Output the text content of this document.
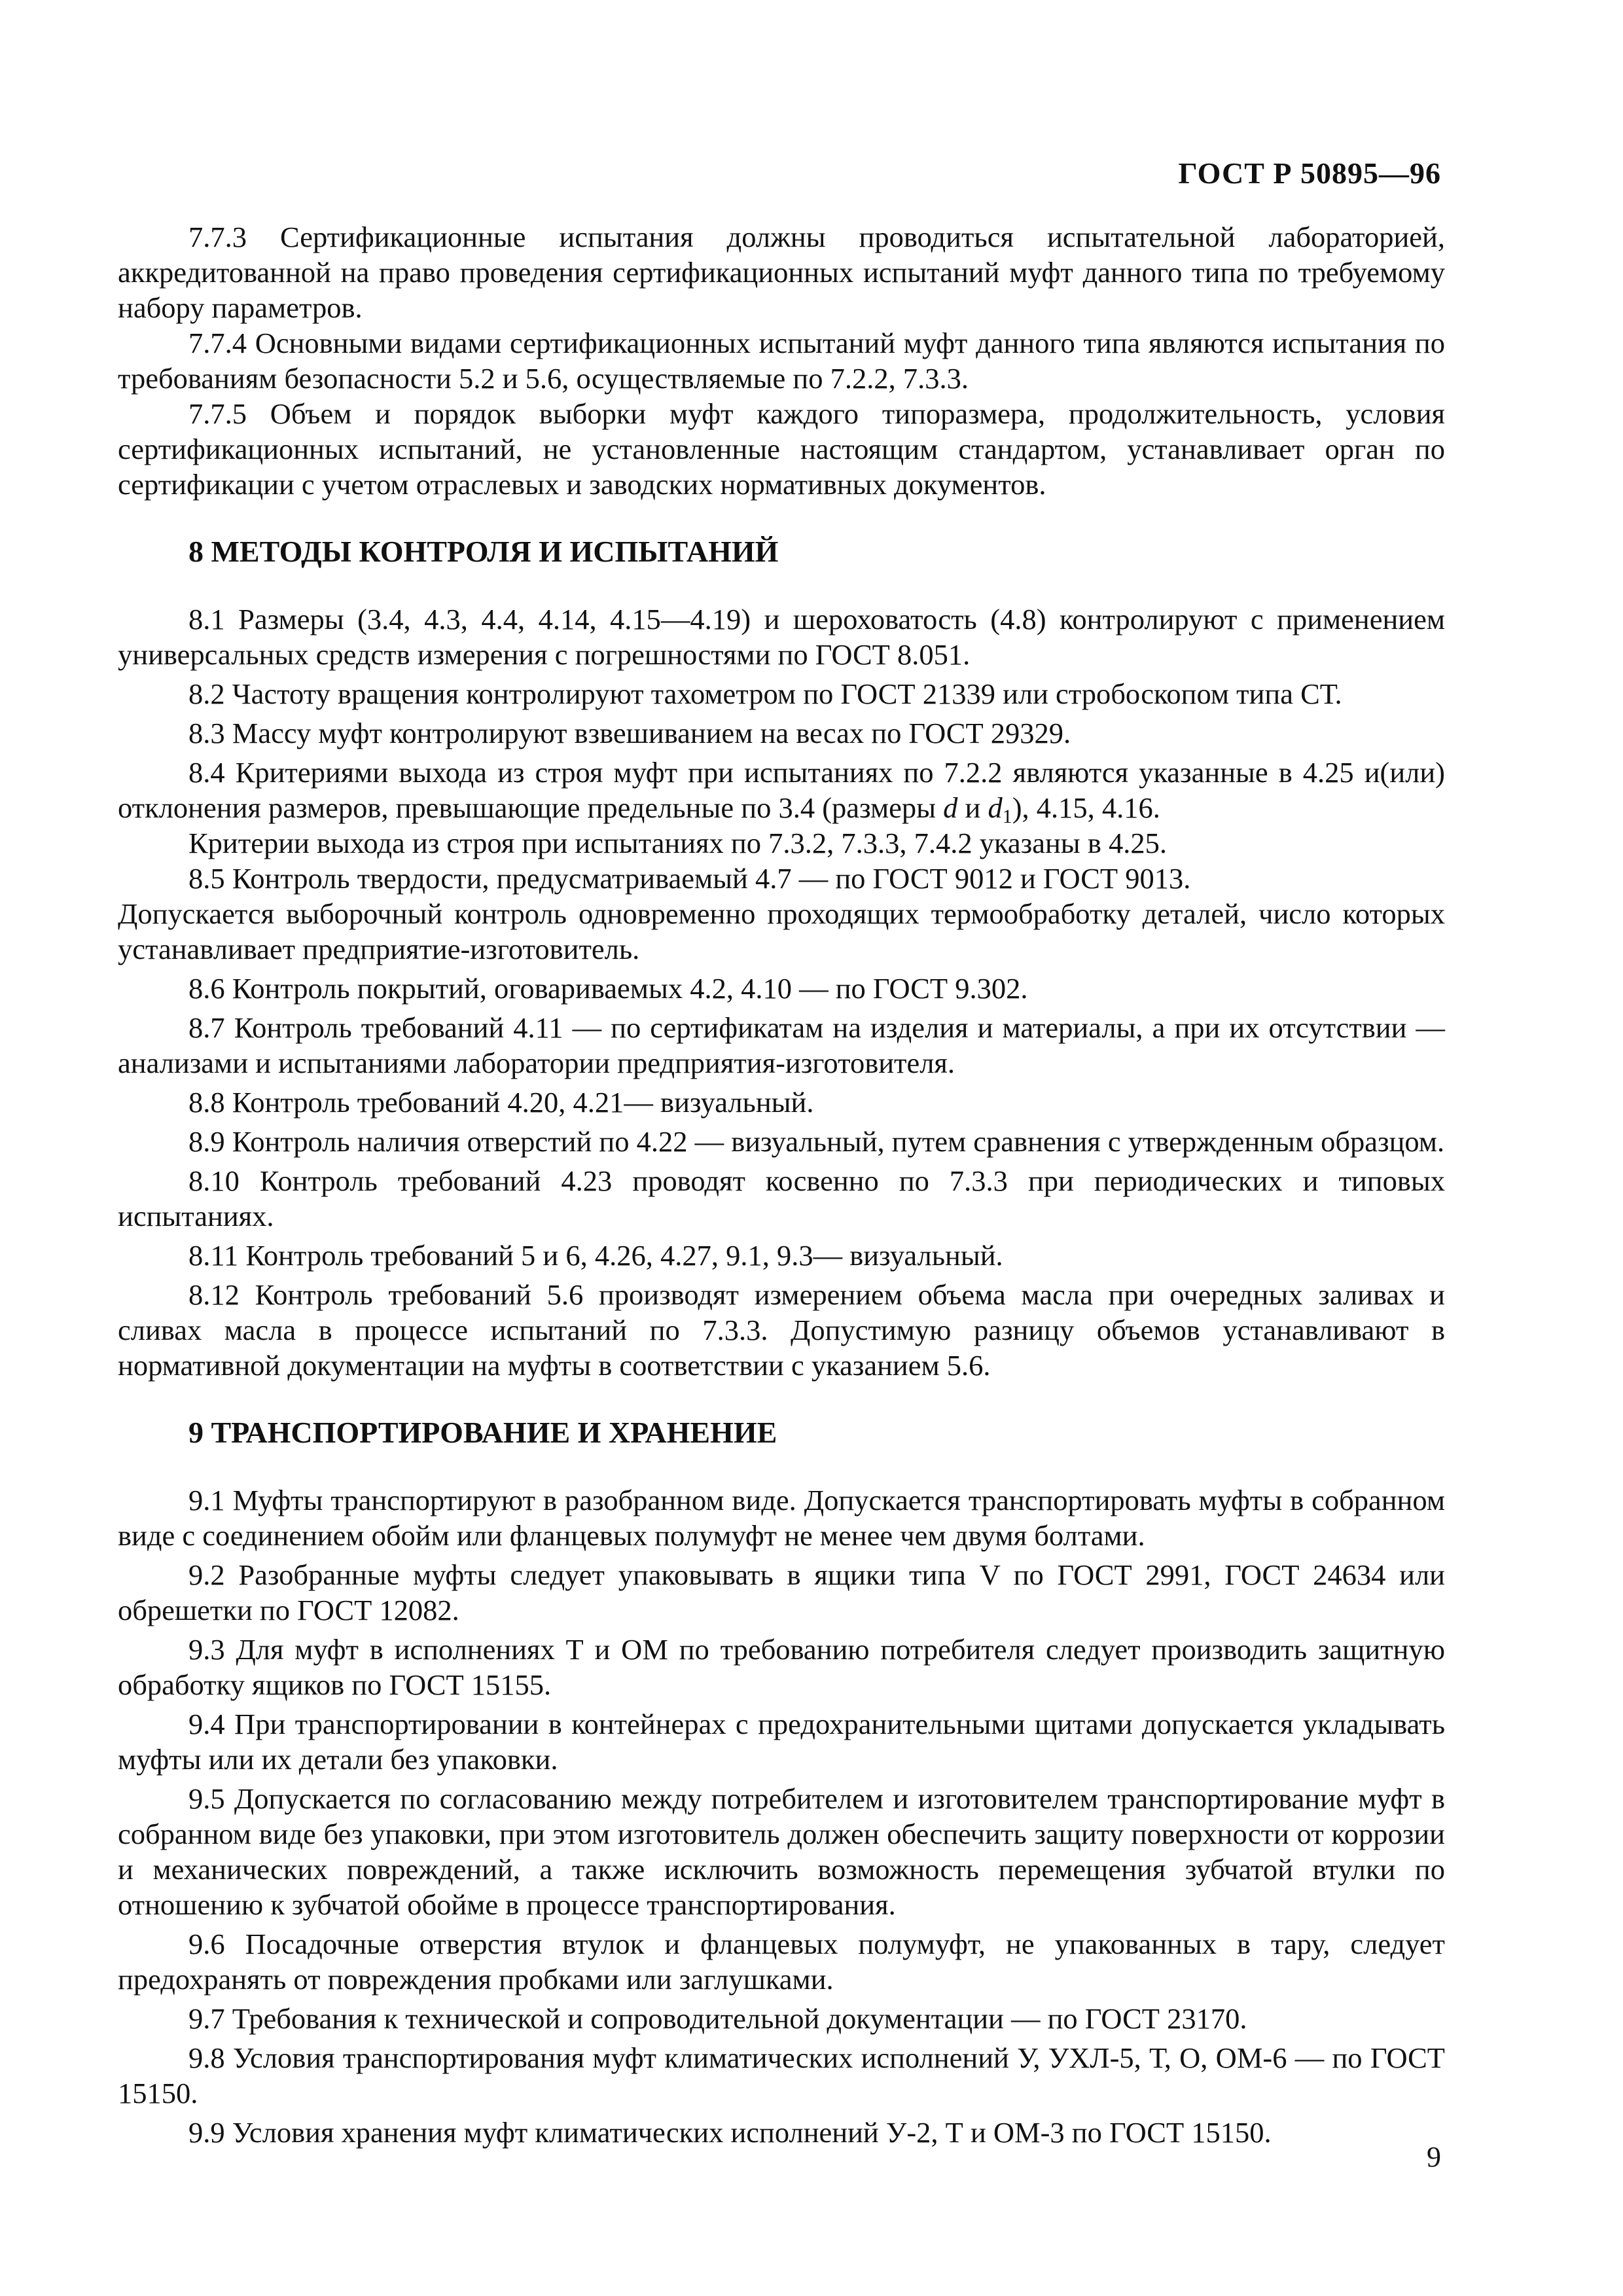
ГОСТ Р 50895—96

7.7.3 Сертификационные испытания должны проводиться испытательной лабораторией, аккредитованной на право проведения сертификационных испытаний муфт данного типа по требуемому набору параметров.

7.7.4 Основными видами сертификационных испытаний муфт данного типа являются испытания по требованиям безопасности 5.2 и 5.6, осуществляемые по 7.2.2, 7.3.3.

7.7.5 Объем и порядок выборки муфт каждого типоразмера, продолжительность, условия сертификационных испытаний, не установленные настоящим стандартом, устанавливает орган по сертификации с учетом отраслевых и заводских нормативных документов.

8 МЕТОДЫ КОНТРОЛЯ И ИСПЫТАНИЙ

8.1 Размеры (3.4, 4.3, 4.4, 4.14, 4.15—4.19) и шероховатость (4.8) контролируют с применением универсальных средств измерения с погрешностями по ГОСТ 8.051.

8.2 Частоту вращения контролируют тахометром по ГОСТ 21339 или стробоскопом типа СТ.

8.3 Массу муфт контролируют взвешиванием на весах по ГОСТ 29329.

8.4 Критериями выхода из строя муфт при испытаниях по 7.2.2 являются указанные в 4.25 и(или) отклонения размеров, превышающие предельные по 3.4 (размеры d и $d_1$), 4.15, 4.16.

Критерии выхода из строя при испытаниях по 7.3.2, 7.3.3, 7.4.2 указаны в 4.25.

8.5 Контроль твердости, предусматриваемый 4.7 — по ГОСТ 9012 и ГОСТ 9013.

Допускается выборочный контроль одновременно проходящих термообработку деталей, число которых устанавливает предприятие-изготовитель.

8.6 Контроль покрытий, оговариваемых 4.2, 4.10 — по ГОСТ 9.302.

8.7 Контроль требований 4.11 — по сертификатам на изделия и материалы, а при их отсутствии — анализами и испытаниями лаборатории предприятия-изготовителя.

8.8 Контроль требований 4.20, 4.21— визуальный.

8.9 Контроль наличия отверстий по 4.22 — визуальный, путем сравнения с утвержденным образцом.

8.10 Контроль требований 4.23 проводят косвенно по 7.3.3 при периодических и типовых испытаниях.

8.11 Контроль требований 5 и 6, 4.26, 4.27, 9.1, 9.3— визуальный.

8.12 Контроль требований 5.6 производят измерением объема масла при очередных заливах и сливах масла в процессе испытаний по 7.3.3. Допустимую разницу объемов устанавливают в нормативной документации на муфты в соответствии с указанием 5.6.

9 ТРАНСПОРТИРОВАНИЕ И ХРАНЕНИЕ

9.1 Муфты транспортируют в разобранном виде. Допускается транспортировать муфты в собранном виде с соединением обойм или фланцевых полумуфт не менее чем двумя болтами.

9.2 Разобранные муфты следует упаковывать в ящики типа V по ГОСТ 2991, ГОСТ 24634 или обрешетки по ГОСТ 12082.

9.3 Для муфт в исполнениях Т и ОМ по требованию потребителя следует производить защитную обработку ящиков по ГОСТ 15155.

9.4 При транспортировании в контейнерах с предохранительными щитами допускается укладывать муфты или их детали без упаковки.

9.5 Допускается по согласованию между потребителем и изготовителем транспортирование муфт в собранном виде без упаковки, при этом изготовитель должен обеспечить защиту поверхности от коррозии и механических повреждений, а также исключить возможность перемещения зубчатой втулки по отношению к зубчатой обойме в процессе транспортирования.

9.6 Посадочные отверстия втулок и фланцевых полумуфт, не упакованных в тару, следует предохранять от повреждения пробками или заглушками.

9.7 Требования к технической и сопроводительной документации — по ГОСТ 23170.

9.8 Условия транспортирования муфт климатических исполнений У, УХЛ-5, Т, О, ОМ-6 — по ГОСТ 15150.

9.9 Условия хранения муфт климатических исполнений У-2, Т и ОМ-3 по ГОСТ 15150.

9
